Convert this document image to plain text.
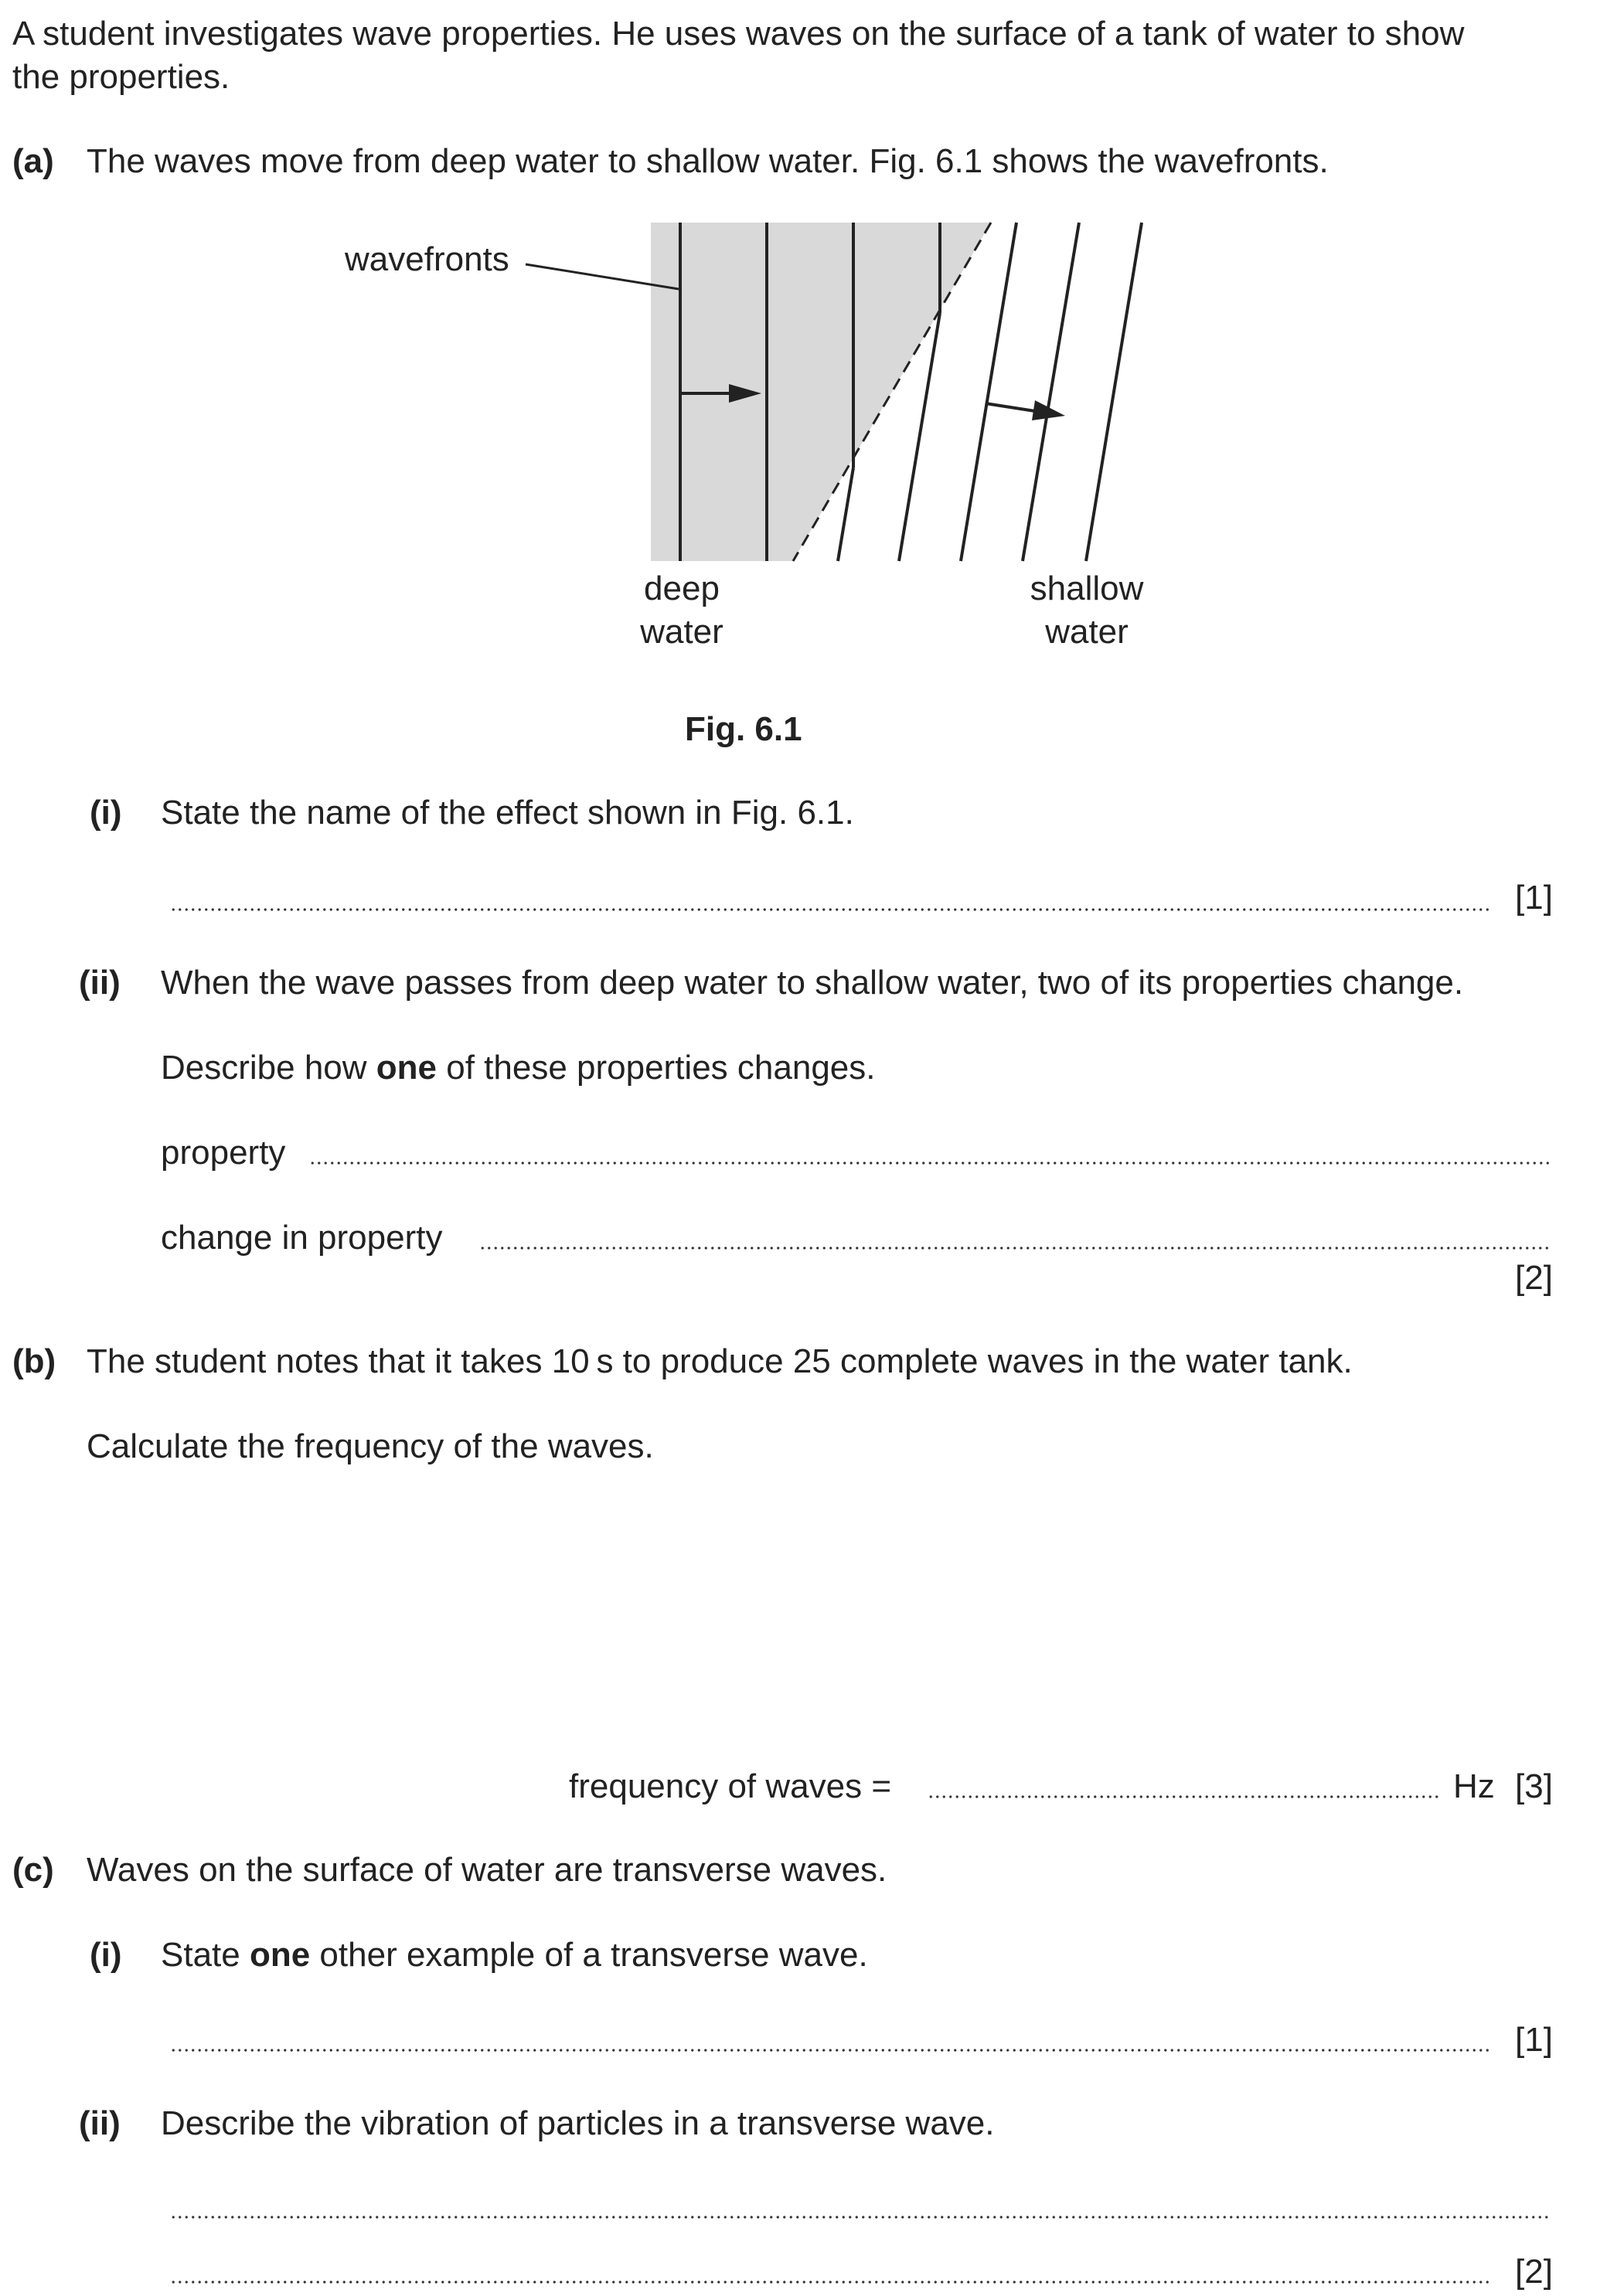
A student investigates wave properties. He uses waves on the surface of a tank of water to show
the properties.
(a) The waves move from deep water to shallow water. Fig. 6.1 shows the wavefronts.
wavefronts
deep
water
shallow
water
Fig. 6.1
(i) State the name of the effect shown in Fig. 6.1.
[1]
(ii) When the wave passes from deep water to shallow water, two of its properties change.
Describe how one of these properties changes.
property
change in property
[2]
(b) The student notes that it takes 10 s to produce 25 complete waves in the water tank.
Calculate the frequency of the waves.
frequency of waves =	Hz [3]
(c) Waves on the surface of water are transverse waves.
(i) State one other example of a transverse wave.
[1]
(ii) Describe the vibration of particles in a transverse wave.
[2]
